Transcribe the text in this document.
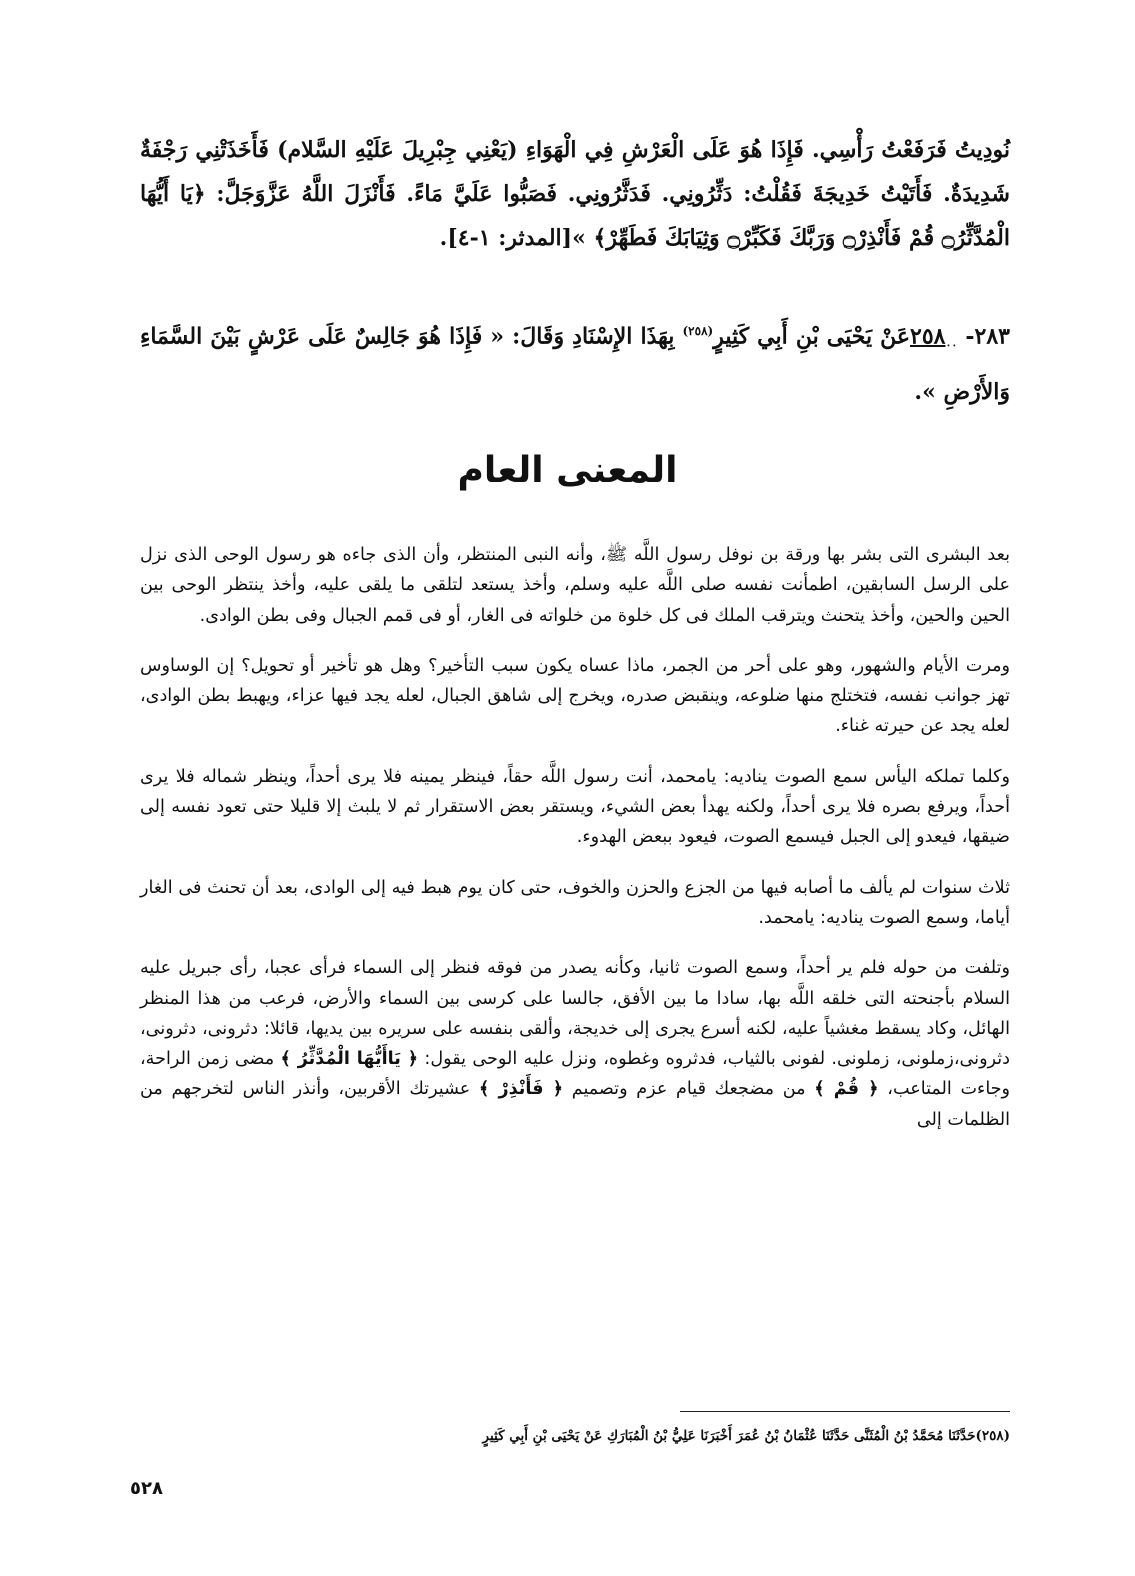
نُودِيتُ فَرَفَعْتُ رَأْسِي. فَإِذَا هُوَ عَلَى الْعَرْشِ فِي الْهَوَاءِ (يَعْنِي جِبْرِيلَ عَلَيْهِ السَّلام) فَأَخَذَتْنِي رَجْفَةٌ شَدِيدَةٌ. فَأَتَيْتُ خَدِيجَةَ فَقُلْتُ: دَثِّرُونِي. فَدَثَّرُونِي. فَصَبُّوا عَلَيَّ مَاءً. فَأَنْزَلَ اللَّهُ عَزَّوَجَلَّ: ﴿يَا أَيُّهَا الْمُدَّثِّرُ۝ قُمْ فَأَنْذِرْ۝ وَرَبَّكَ فَكَبِّرْ۝ وَثِيَابَكَ فَطَهِّرْ﴾ »[المدثر: ١-٤].
٢٨٣- $٢٥٨_{٠٠}عَنْ$ يَحْيَى بْنِ أَبِي كَثِيرٍ$^{(٢٥٨)}$ بِهَذَا الإِسْنَادِ وَقَالَ: « فَإِذَا هُوَ جَالِسٌ عَلَى عَرْشٍ بَيْنَ السَّمَاءِ وَالأَرْضِ ».
المعنى العام

بعد البشرى التى بشر بها ورقة بن نوفل رسول اللَّه ﷺ، وأنه النبى المنتظر، وأن الذى جاءه هو رسول الوحى الذى نزل على الرسل السابقين، اطمأنت نفسه صلى اللَّه عليه وسلم، وأخذ يستعد لتلقى ما يلقى عليه، وأخذ ينتظر الوحى بين الحين والحين، وأخذ يتحنث ويترقب الملك فى كل خلوة من خلواته فى الغار، أو فى قمم الجبال وفى بطن الوادى.

ومرت الأيام والشهور، وهو على أحر من الجمر، ماذا عساه يكون سبب التأخير؟ وهل هو تأخير أو تحويل؟ إن الوساوس تهز جوانب نفسه، فتختلج منها ضلوعه، وينقبض صدره، ويخرج إلى شاهق الجبال، لعله يجد فيها عزاء، ويهبط بطن الوادى، لعله يجد عن حيرته غناء.

وكلما تملكه اليأس سمع الصوت يناديه: يامحمد، أنت رسول اللَّه حقاً، فينظر يمينه فلا يرى أحداً، وينظر شماله فلا يرى أحداً، ويرفع بصره فلا يرى أحداً، ولكنه يهدأ بعض الشيء، ويستقر بعض الاستقرار ثم لا يلبث إلا قليلا حتى تعود نفسه إلى ضيقها، فيعدو إلى الجبل فيسمع الصوت، فيعود ببعض الهدوء.

ثلاث سنوات لم يألف ما أصابه فيها من الجزع والحزن والخوف، حتى كان يوم هبط فيه إلى الوادى، بعد أن تحنث فى الغار أياما، وسمع الصوت يناديه: يامحمد.

وتلفت من حوله فلم ير أحداً، وسمع الصوت ثانيا، وكأنه يصدر من فوقه فنظر إلى السماء فرأى عجبا، رأى جبريل عليه السلام بأجنحته التى خلقه اللَّه بها، سادا ما بين الأفق، جالسا على كرسى بين السماء والأرض، فرعب من هذا المنظر الهائل، وكاد يسقط مغشياً عليه، لكنه أسرع يجرى إلى خديجة، وألقى بنفسه على سريره بين يديها، قائلا: دثرونى، دثرونى، دثرونى،زملونى، زملونى. لفونى بالثياب، فدثروه وغطوه، ونزل عليه الوحى يقول: ﴿ يَاأَيُّهَا الْمُدَّثِّرُ ﴾ مضى زمن الراحة، وجاءت المتاعب، ﴿ قُمْ ﴾ من مضجعك قيام عزم وتصميم ﴿ فَأَنْذِرْ ﴾ عشيرتك الأقربين، وأنذر الناس لتخرجهم من الظلمات إلى

(٢٥٨)حَدَّثَنَا مُحَمَّدُ بْنُ الْمُثَنَّى حَدَّثَنَا عُثْمَانُ بْنُ عُمَرَ أَخْبَرَنَا عَلِيُّ بْنُ الْمُبَارَكِ عَنْ يَحْيَى بْنِ أَبِي كَثِيرٍ
٥٢٨
